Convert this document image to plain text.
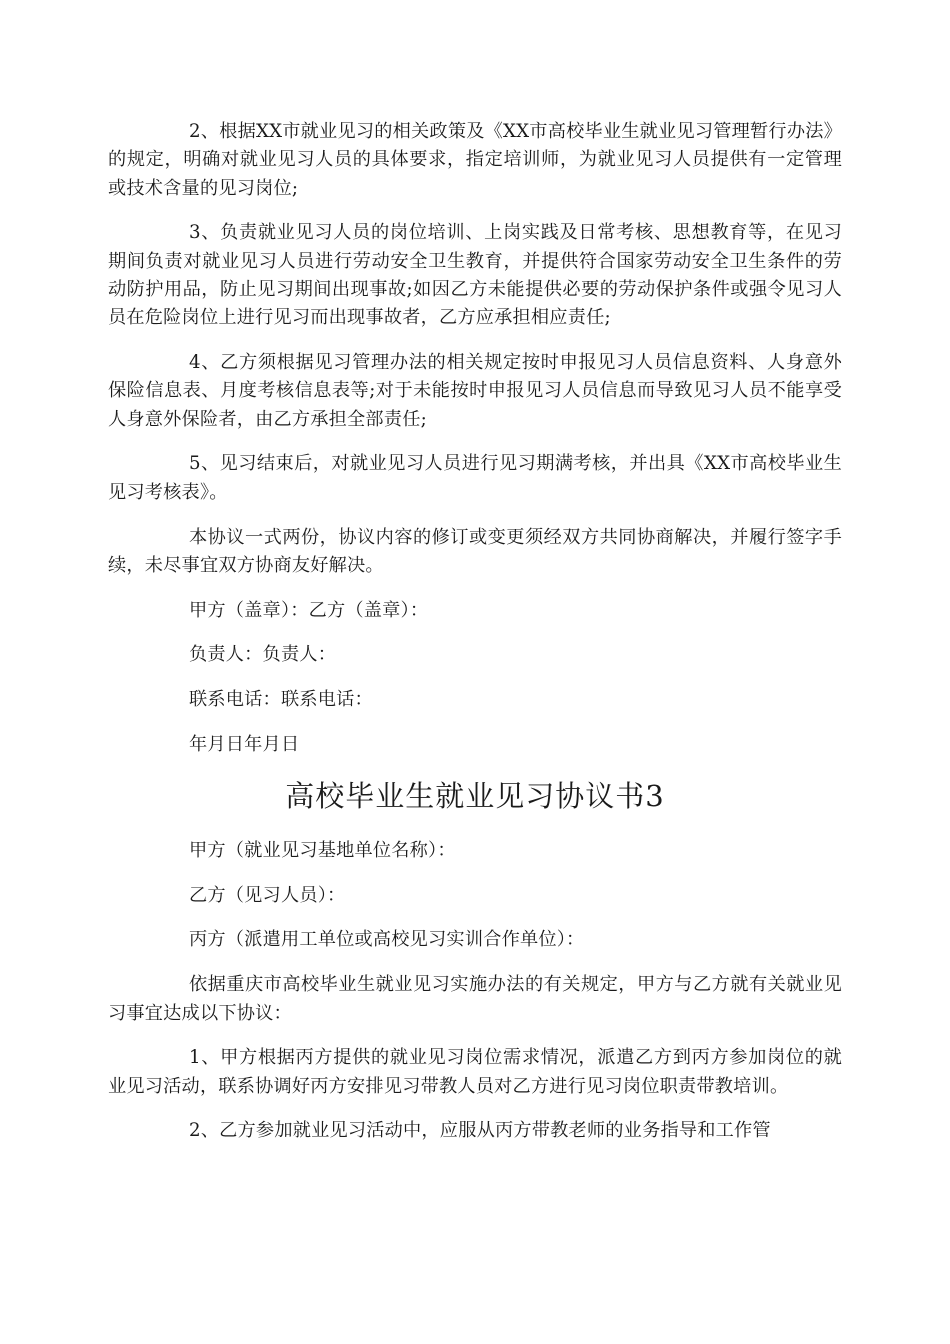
2、根据XX市就业见习的相关政策及《XX市高校毕业生就业见习管理暂行办法》的规定，明确对就业见习人员的具体要求，指定培训师，为就业见习人员提供有一定管理或技术含量的见习岗位;

3、负责就业见习人员的岗位培训、上岗实践及日常考核、思想教育等，在见习期间负责对就业见习人员进行劳动安全卫生教育，并提供符合国家劳动安全卫生条件的劳动防护用品，防止见习期间出现事故;如因乙方未能提供必要的劳动保护条件或强令见习人员在危险岗位上进行见习而出现事故者，乙方应承担相应责任;

4、乙方须根据见习管理办法的相关规定按时申报见习人员信息资料、人身意外保险信息表、月度考核信息表等;对于未能按时申报见习人员信息而导致见习人员不能享受人身意外保险者，由乙方承担全部责任;

5、见习结束后，对就业见习人员进行见习期满考核，并出具《XX市高校毕业生见习考核表》。

本协议一式两份，协议内容的修订或变更须经双方共同协商解决，并履行签字手续，未尽事宜双方协商友好解决。

甲方（盖章）：乙方（盖章）：

负责人：负责人：

联系电话：联系电话：

年月日年月日

高校毕业生就业见习协议书3

甲方（就业见习基地单位名称）：

乙方（见习人员）：

丙方（派遣用工单位或高校见习实训合作单位）：

依据重庆市高校毕业生就业见习实施办法的有关规定，甲方与乙方就有关就业见习事宜达成以下协议：

1、甲方根据丙方提供的就业见习岗位需求情况，派遣乙方到丙方参加岗位的就业见习活动，联系协调好丙方安排见习带教人员对乙方进行见习岗位职责带教培训。

2、乙方参加就业见习活动中，应服从丙方带教老师的业务指导和工作管
